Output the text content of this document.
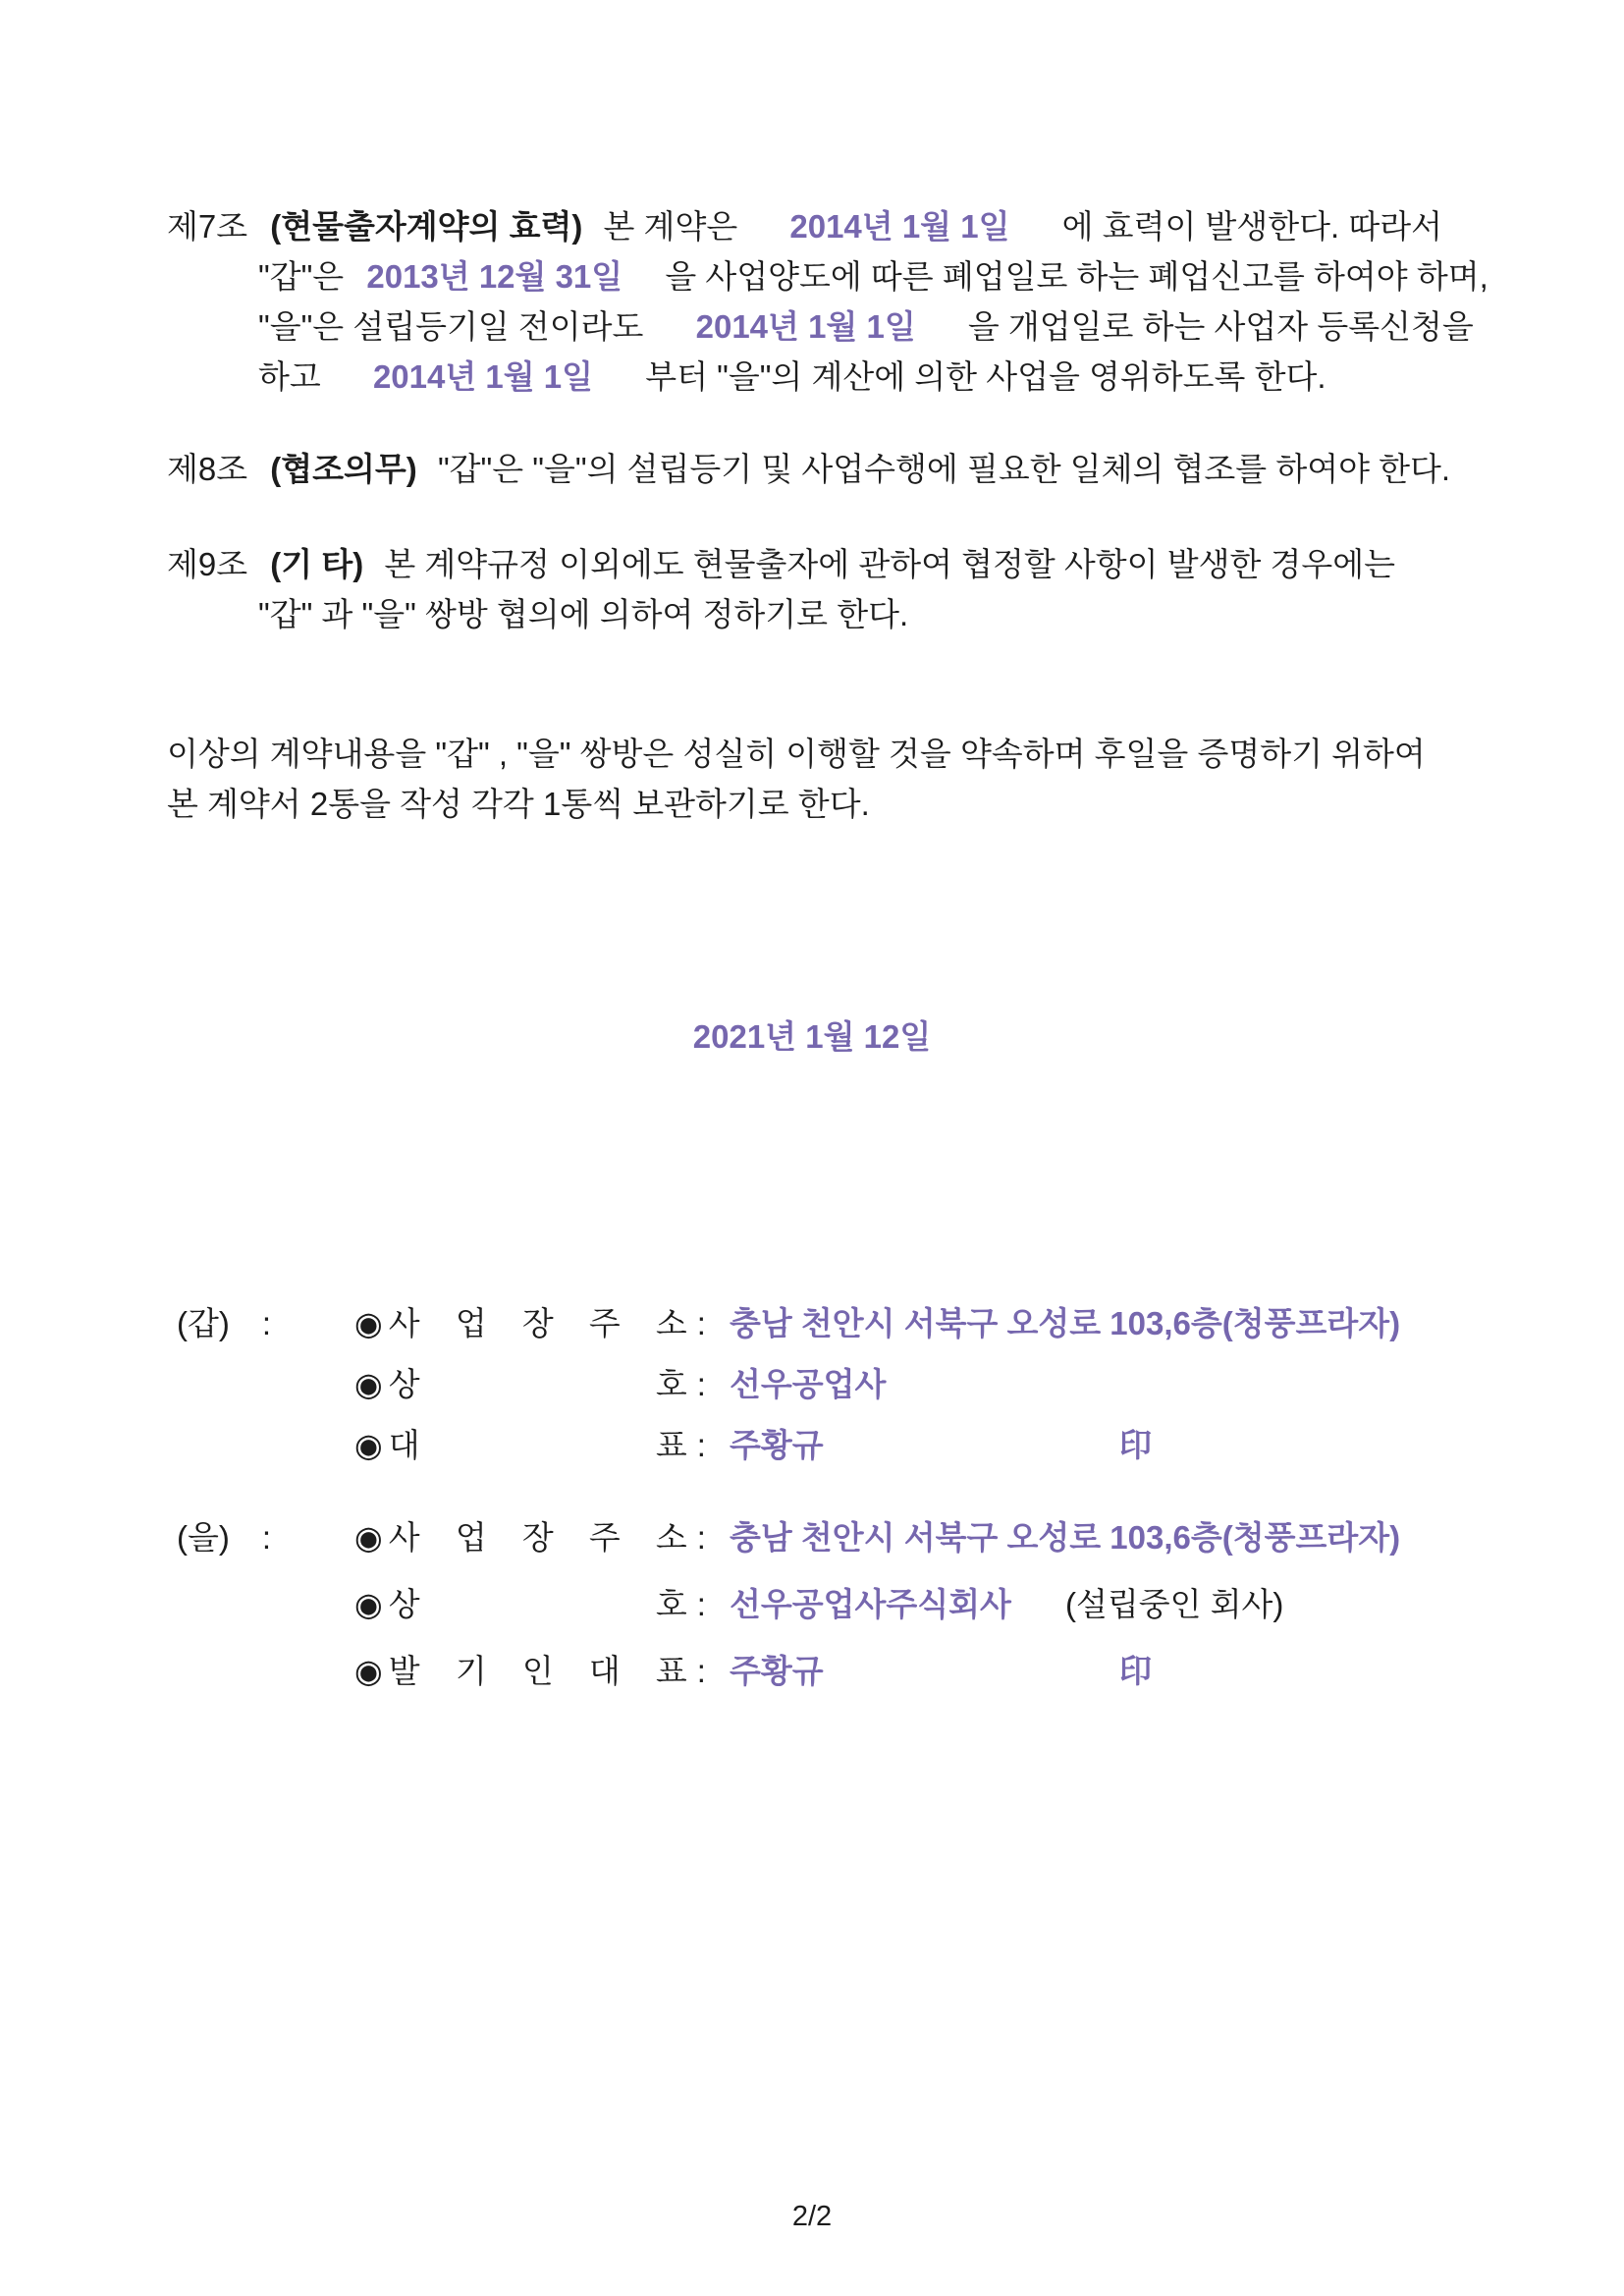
제7조 (현물출자계약의 효력) 본 계약은 2014년 1월 1일 에 효력이 발생한다. 따라서
"갑"은 2013년 12월 31일 을 사업양도에 따른 폐업일로 하는 폐업신고를 하여야 하며,
"을"은 설립등기일 전이라도 2014년 1월 1일 을 개업일로 하는 사업자 등록신청을
하고 2014년 1월 1일 부터 "을"의 계산에 의한 사업을 영위하도록 한다.
제8조 (협조의무) "갑"은 "을"의 설립등기 및 사업수행에 필요한 일체의 협조를 하여야 한다.
제9조 (기 타) 본 계약규정 이외에도 현물출자에 관하여 협정할 사항이 발생한 경우에는
"갑" 과 "을" 쌍방 협의에 의하여 정하기로 한다.
이상의 계약내용을 "갑" , "을" 쌍방은 성실히 이행할 것을 약속하며 후일을 증명하기 위하여
본 계약서 2통을 작성 각각 1통씩 보관하기로 한다.
2021년 1월 12일
(갑) :	◉ 사 업 장 주 소 : 충남 천안시 서북구 오성로 103,6층(청풍프라자)
◉ 상	호 : 선우공업사
◉ 대	표 : 주황규	印
(을) :	◉ 사 업 장 주 소 : 충남 천안시 서북구 오성로 103,6층(청풍프라자)
◉ 상	호 : 선우공업사주식회사 (설립중인 회사)
◉ 발 기 인 대 표 : 주황규	印
2/2
